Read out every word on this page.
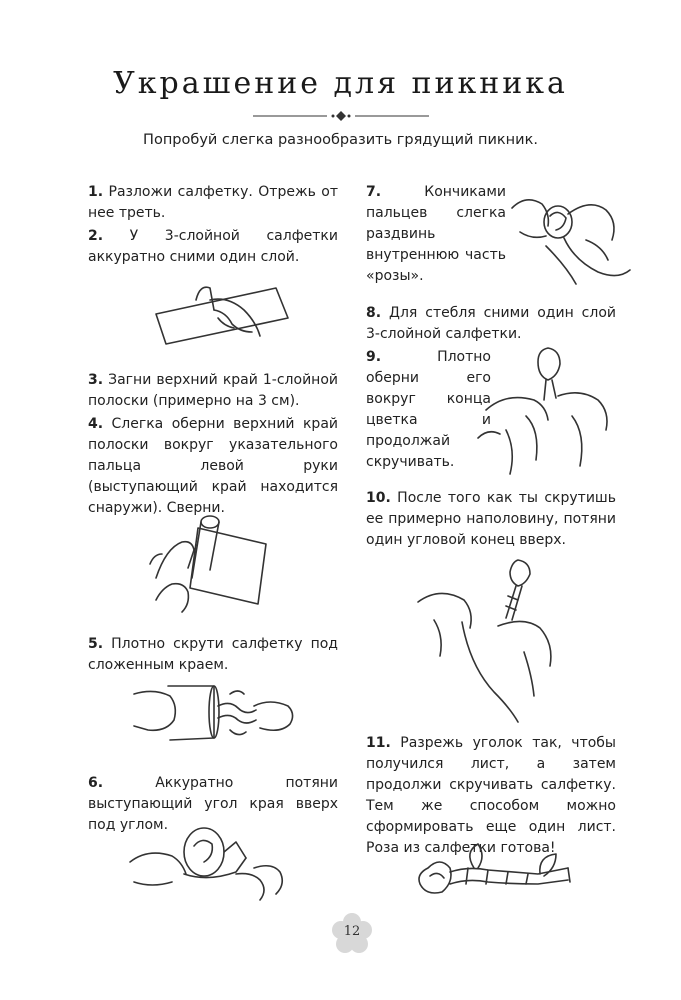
Украшение для пикника
Попробуй слегка разнообразить грядущий пикник.
1. Разложи салфетку. Отрежь от нее треть.
2. У 3-слойной салфетки аккуратно сними один слой.
3. Загни верхний край 1-слойной полоски (примерно на 3 см).
4. Слегка оберни верхний край полоски вокруг указательного пальца левой руки (выступающий край находится снаружи). Сверни.
5. Плотно скрути салфетку под сложенным краем.
6. Аккуратно потяни выступающий угол края вверх под углом.
7. Кончиками пальцев слегка раздвинь внутреннюю часть «розы».
8. Для стебля сними один слой 3-слойной салфетки.
9. Плотно оберни его вокруг конца цветка и продолжай скручивать.
10. После того как ты скрутишь ее примерно наполовину, потяни один угловой конец вверх.
11. Разрежь уголок так, чтобы получился лист, а затем продолжи скручивать салфетку. Тем же способом можно сформировать еще один лист. Роза из салфетки готова!
12
